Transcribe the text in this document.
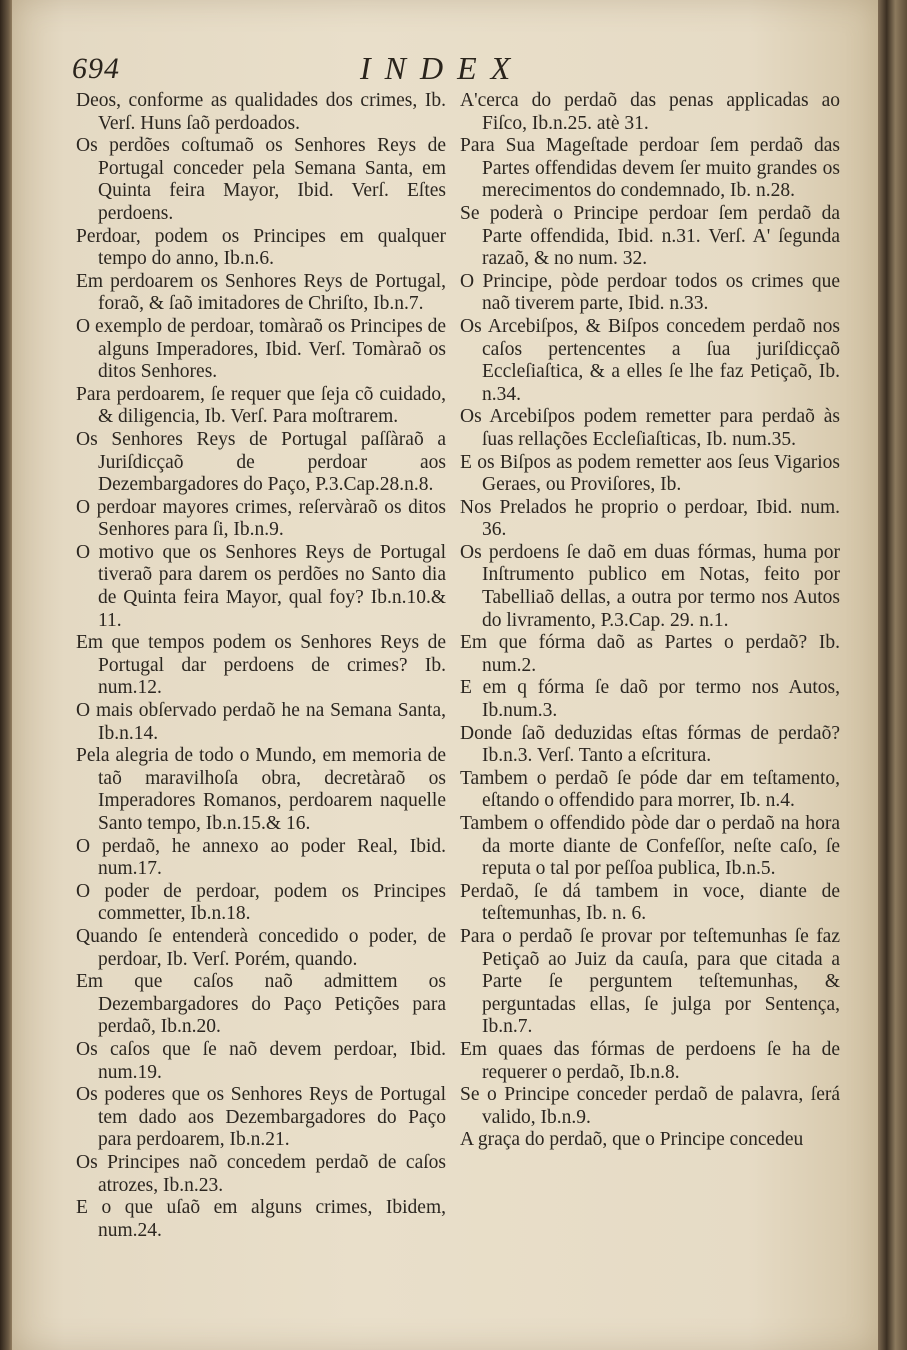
694	INDEX

Deos, conforme as qualidades dos crimes, Ib. Verſ. Huns ſaõ perdoados.

Os perdões coſtumaõ os Senhores Reys de Portugal conceder pela Semana Santa, em Quinta feira Mayor, Ibid. Verſ. Eſtes perdoens.

Perdoar, podem os Principes em qualquer tempo do anno, Ib.n.6.

Em perdoarem os Senhores Reys de Portugal, foraõ, & ſaõ imitadores de Chriſto, Ib.n.7.

O exemplo de perdoar, tomàraõ os Principes de alguns Imperadores, Ibid. Verſ. Tomàraõ os ditos Senhores.

Para perdoarem, ſe requer que ſeja cõ cuidado, & diligencia, Ib. Verſ. Para moſtrarem.

Os Senhores Reys de Portugal paſſàraõ a Juriſdicçaõ de perdoar aos Dezembargadores do Paço, P.3.Cap.28.n.8.

O perdoar mayores crimes, reſervàraõ os ditos Senhores para ſi, Ib.n.9.

O motivo que os Senhores Reys de Portugal tiveraõ para darem os perdões no Santo dia de Quinta feira Mayor, qual foy? Ib.n.10.& 11.

Em que tempos podem os Senhores Reys de Portugal dar perdoens de crimes? Ib. num.12.

O mais obſervado perdaõ he na Semana Santa, Ib.n.14.

Pela alegria de todo o Mundo, em memoria de taõ maravilhoſa obra, decretàraõ os Imperadores Romanos, perdoarem naquelle Santo tempo, Ib.n.15.& 16.

O perdaõ, he annexo ao poder Real, Ibid. num.17.

O poder de perdoar, podem os Principes commetter, Ib.n.18.

Quando ſe entenderà concedido o poder, de perdoar, Ib. Verſ. Porém, quando.

Em que caſos naõ admittem os Dezembargadores do Paço Petições para perdaõ, Ib.n.20.

Os caſos que ſe naõ devem perdoar, Ibid. num.19.

Os poderes que os Senhores Reys de Portugal tem dado aos Dezembargadores do Paço para perdoarem, Ib.n.21.

Os Principes naõ concedem perdaõ de caſos atrozes, Ib.n.23.

E o que uſaõ em alguns crimes, Ibidem, num.24.

A'cerca do perdaõ das penas applicadas ao Fiſco, Ib.n.25. atè 31.

Para Sua Mageſtade perdoar ſem perdaõ das Partes offendidas devem ſer muito grandes os merecimentos do condemnado, Ib. n.28.

Se poderà o Principe perdoar ſem perdaõ da Parte offendida, Ibid. n.31. Verſ. A' ſegunda razaõ, & no num. 32.

O Principe, pòde perdoar todos os crimes que naõ tiverem parte, Ibid. n.33.

Os Arcebiſpos, & Biſpos concedem perdaõ nos caſos pertencentes a ſua juriſdicçaõ Eccleſiaſtica, & a elles ſe lhe faz Petiçaõ, Ib. n.34.

Os Arcebiſpos podem remetter para perdaõ às ſuas rellações Eccleſiaſticas, Ib. num.35.

E os Biſpos as podem remetter aos ſeus Vigarios Geraes, ou Proviſores, Ib.

Nos Prelados he proprio o perdoar, Ibid. num. 36.

Os perdoens ſe daõ em duas fórmas, huma por Inſtrumento publico em Notas, feito por Tabelliaõ dellas, a outra por termo nos Autos do livramento, P.3.Cap. 29. n.1.

Em que fórma daõ as Partes o perdaõ? Ib. num.2.

E em q fórma ſe daõ por termo nos Autos, Ib.num.3.

Donde ſaõ deduzidas eſtas fórmas de perdaõ? Ib.n.3. Verſ. Tanto a eſcritura.

Tambem o perdaõ ſe póde dar em teſtamento, eſtando o offendido para morrer, Ib. n.4.

Tambem o offendido pòde dar o perdaõ na hora da morte diante de Confeſſor, neſte caſo, ſe reputa o tal por peſſoa publica, Ib.n.5.

Perdaõ, ſe dá tambem in voce, diante de teſtemunhas, Ib. n. 6.

Para o perdaõ ſe provar por teſtemunhas ſe faz Petiçaõ ao Juiz da cauſa, para que citada a Parte ſe perguntem teſtemunhas, & perguntadas ellas, ſe julga por Sentença, Ib.n.7.

Em quaes das fórmas de perdoens ſe ha de requerer o perdaõ, Ib.n.8.

Se o Principe conceder perdaõ de palavra, ſerá valido, Ib.n.9.

A graça do perdaõ, que o Principe concedeu
